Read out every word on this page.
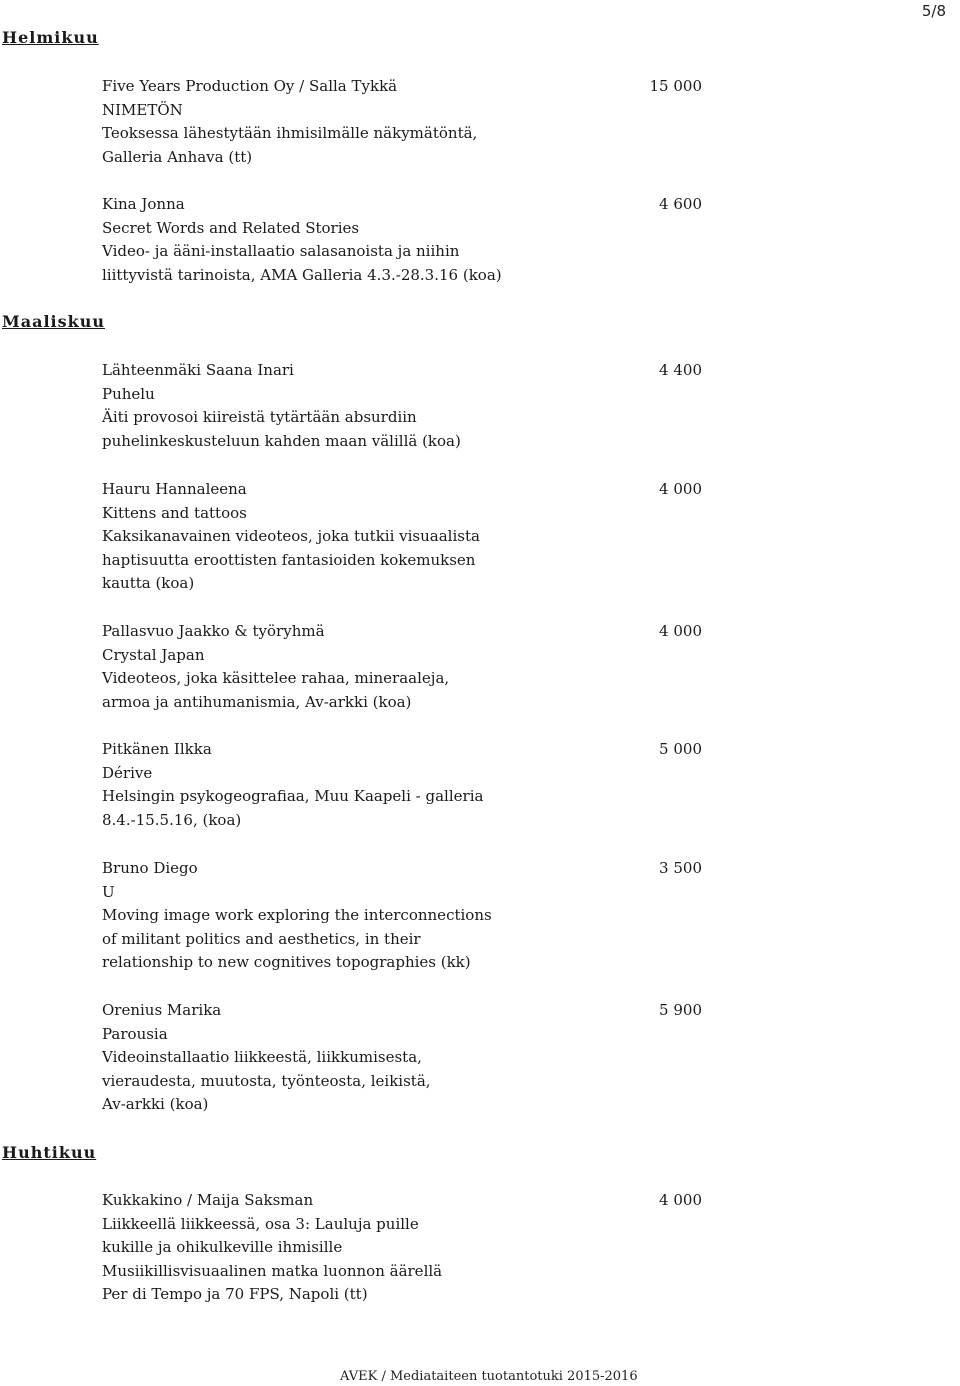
5/8
Helmikuu
Maaliskuu
Huhtikuu
15 000
Five Years Production Oy / Salla Tykkä
NIMETÖN
Teoksessa lähestytään ihmisilmälle näkymätöntä,
Galleria Anhava (tt)
4 600
Kina Jonna
Secret Words and Related Stories
Video- ja ääni-installaatio salasanoista ja niihin
liittyvistä tarinoista, AMA Galleria 4.3.-28.3.16 (koa)
4 400
Lähteenmäki Saana Inari
Puhelu
Äiti provosoi kiireistä tytärtään absurdiin
puhelinkeskusteluun kahden maan välillä (koa)
4 000
Hauru Hannaleena
Kittens and tattoos
Kaksikanavainen videoteos, joka tutkii visuaalista
haptisuutta eroottisten fantasioiden kokemuksen
kautta (koa)
4 000
Pallasvuo Jaakko & työryhmä
Crystal Japan
Videoteos, joka käsittelee rahaa, mineraaleja,
armoa ja antihumanismia, Av-arkki (koa)
5 000
Pitkänen Ilkka
Dérive
Helsingin psykogeografiaa, Muu Kaapeli - galleria
8.4.-15.5.16, (koa)
3 500
Bruno Diego
U
Moving image work exploring the interconnections
of militant politics and aesthetics, in their
relationship to new cognitives topographies (kk)
5 900
Orenius Marika
Parousia
Videoinstallaatio liikkeestä, liikkumisesta,
vieraudesta, muutosta, työnteosta, leikistä,
Av-arkki (koa)
4 000
Kukkakino / Maija Saksman
Liikkeellä liikkeessä, osa 3: Lauluja puille
kukille ja ohikulkeville ihmisille
Musiikillisvisuaalinen matka luonnon äärellä
Per di Tempo ja 70 FPS, Napoli (tt)
AVEK / Mediataiteen tuotantotuki 2015-2016
